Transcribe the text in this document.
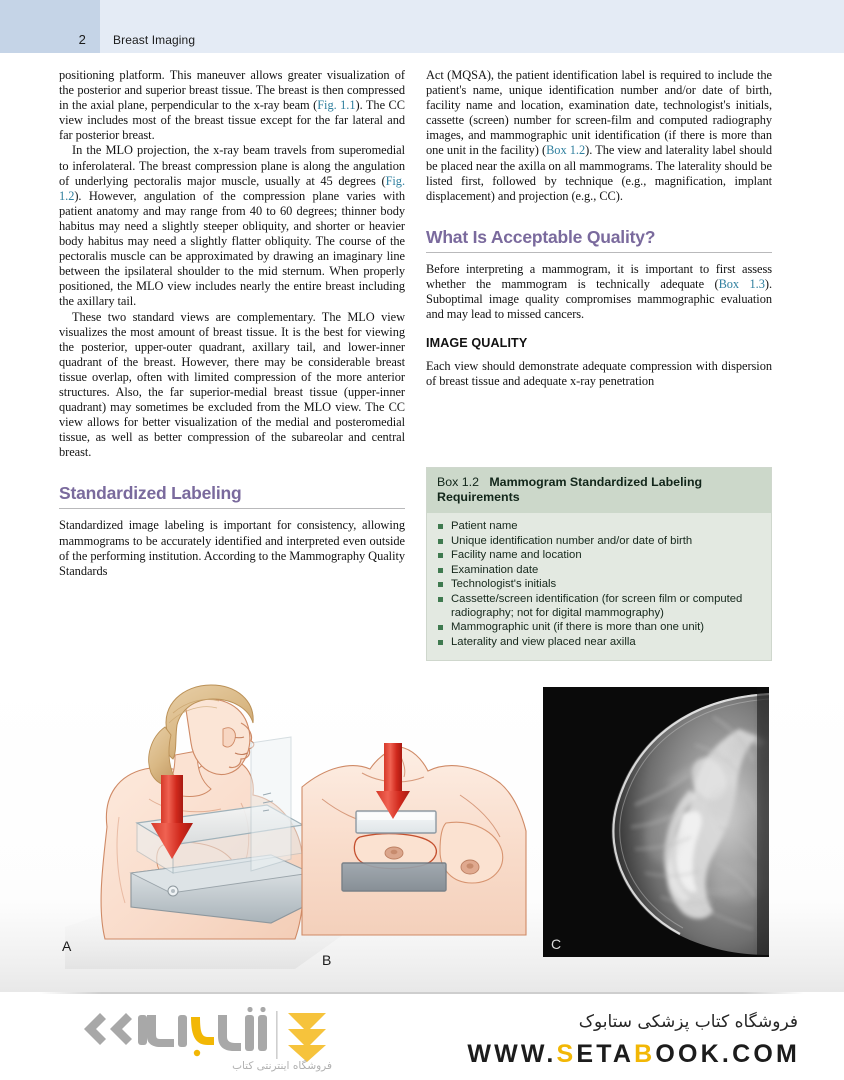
2 Breast Imaging

positioning platform. This maneuver allows greater visualization of the posterior and superior breast tissue. The breast is then compressed in the axial plane, perpendicular to the x-ray beam (Fig. 1.1). The CC view includes most of the breast tissue except for the far lateral and far posterior breast.

In the MLO projection, the x-ray beam travels from superomedial to inferolateral. The breast compression plane is along the angulation of underlying pectoralis major muscle, usually at 45 degrees (Fig. 1.2). However, angulation of the compression plane varies with patient anatomy and may range from 40 to 60 degrees; thinner body habitus may need a slightly steeper obliquity, and shorter or heavier body habitus may need a slightly flatter obliquity. The course of the pectoralis muscle can be approximated by drawing an imaginary line between the ipsilateral shoulder to the mid sternum. When properly positioned, the MLO view includes nearly the entire breast including the axillary tail.

These two standard views are complementary. The MLO view visualizes the most amount of breast tissue. It is the best for viewing the posterior, upper-outer quadrant, axillary tail, and lower-inner quadrant of the breast. However, there may be considerable breast tissue overlap, often with limited compression of the more anterior structures. Also, the far superior-medial breast tissue (upper-inner quadrant) may sometimes be excluded from the MLO view. The CC view allows for better visualization of the medial and posteromedial tissue, as well as better compression of the subareolar and central breast.

Standardized Labeling

Standardized image labeling is important for consistency, allowing mammograms to be accurately identified and interpreted even outside of the performing institution. According to the Mammography Quality Standards

Act (MQSA), the patient identification label is required to include the patient's name, unique identification number and/or date of birth, facility name and location, examination date, technologist's initials, cassette (screen) number for screen-film and computed radiography images, and mammographic unit identification (if there is more than one unit in the facility) (Box 1.2). The view and laterality label should be placed near the axilla on all mammograms. The laterality should be listed first, followed by technique (e.g., magnification, implant displacement) and projection (e.g., CC).

What Is Acceptable Quality?

Before interpreting a mammogram, it is important to first assess whether the mammogram is technically adequate (Box 1.3). Suboptimal image quality compromises mammographic evaluation and may lead to missed cancers.

IMAGE QUALITY

Each view should demonstrate adequate compression with dispersion of breast tissue and adequate x-ray penetration

Box 1.2 Mammogram Standardized Labeling Requirements
Patient name
Unique identification number and/or date of birth
Facility name and location
Examination date
Technologist's initials
Cassette/screen identification (for screen film or computed radiography; not for digital mammography)
Mammographic unit (if there is more than one unit)
Laterality and view placed near axilla
A
B
C
فروشگاه اینترنتی کتاب
فروشگاه کتاب پزشکی ستابوک
WWW.SETABOOK.COM
